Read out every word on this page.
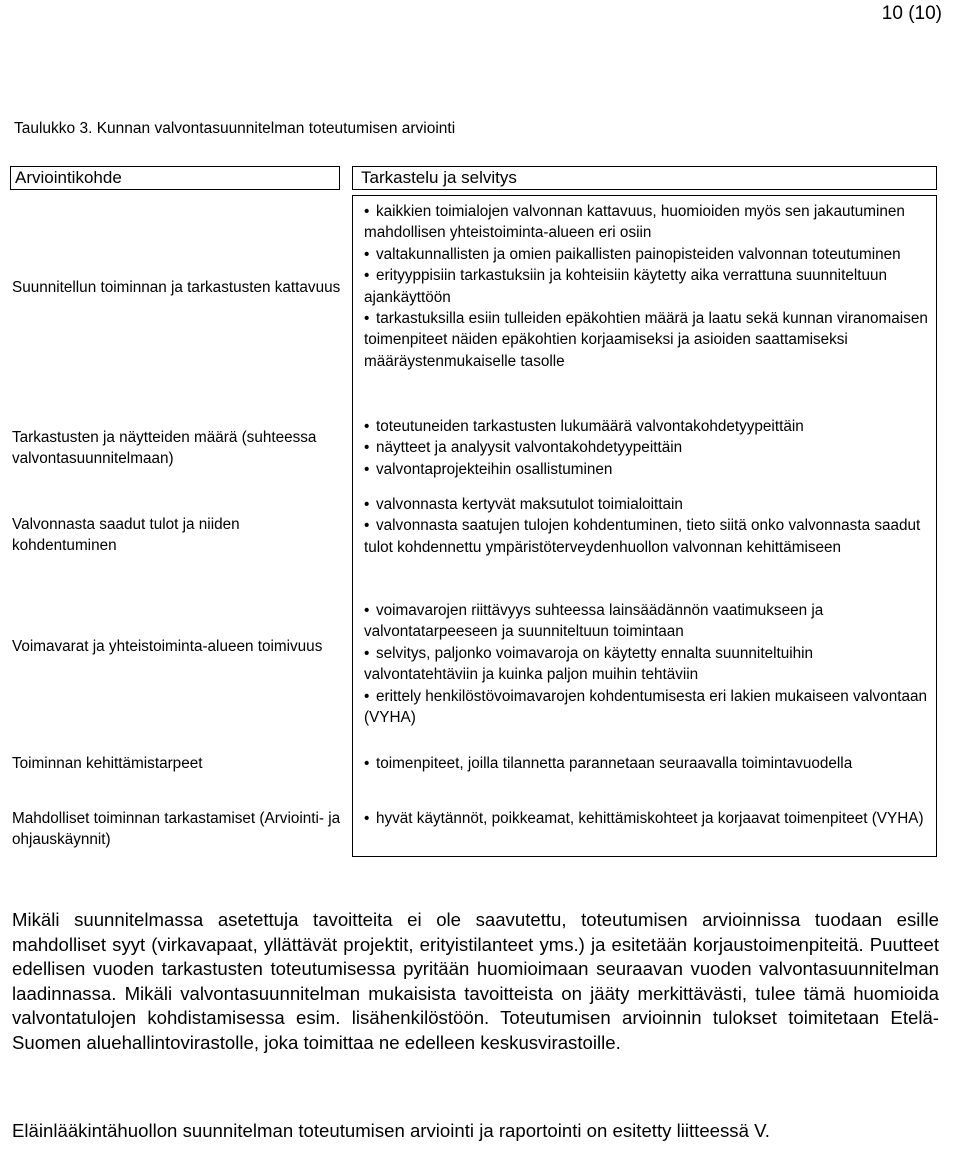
10 (10)
Taulukko 3. Kunnan valvontasuunnitelman toteutumisen arviointi
Arviointikohde	Tarkastelu ja selvitys
Suunnitellun toiminnan ja tarkastusten kattavuus
• kaikkien toimialojen valvonnan kattavuus, huomioiden myös sen jakautuminen mahdollisen yhteistoiminta-alueen eri osiin
• valtakunnallisten ja omien paikallisten painopisteiden valvonnan toteutuminen
• erityyppisiin tarkastuksiin ja kohteisiin käytetty aika verrattuna suunniteltuun ajankäyttöön
• tarkastuksilla esiin tulleiden epäkohtien määrä ja laatu sekä kunnan viranomaisen toimenpiteet näiden epäkohtien korjaamiseksi ja asioiden saattamiseksi määräystenmukaiselle tasolle
Tarkastusten ja näytteiden määrä (suhteessa valvontasuunnitelmaan)
• toteutuneiden tarkastusten lukumäärä valvontakohdetyypeittäin
• näytteet ja analyysit valvontakohdetyypeittäin
• valvontaprojekteihin osallistuminen
Valvonnasta saadut tulot ja niiden kohdentuminen
• valvonnasta kertyvät maksutulot toimialoittain
• valvonnasta saatujen tulojen kohdentuminen, tieto siitä onko valvonnasta saadut tulot kohdennettu ympäristöterveydenhuollon valvonnan kehittämiseen
Voimavarat ja yhteistoiminta-alueen toimivuus
• voimavarojen riittävyys suhteessa lainsäädännön vaatimukseen ja valvontatarpeeseen ja suunniteltuun toimintaan
• selvitys, paljonko voimavaroja on käytetty ennalta suunniteltuihin valvontatehtäviin ja kuinka paljon muihin tehtäviin
• erittely henkilöstövoimavarojen kohdentumisesta eri lakien mukaiseen valvontaan (VYHA)
Toiminnan kehittämistarpeet	• toimenpiteet, joilla tilannetta parannetaan seuraavalla toimintavuodella
Mahdolliset toiminnan tarkastamiset (Arviointi- ja ohjauskäynnit)
• hyvät käytännöt, poikkeamat, kehittämiskohteet ja korjaavat toimenpiteet (VYHA)
Mikäli suunnitelmassa asetettuja tavoitteita ei ole saavutettu, toteutumisen arvioinnissa tuodaan esille mahdolliset syyt (virkavapaat, yllättävät projektit, erityistilanteet yms.) ja esitetään korjaustoimenpiteitä. Puutteet edellisen vuoden tarkastusten toteutumisessa pyritään huomioimaan seuraavan vuoden valvontasuunnitelman laadinnassa. Mikäli valvontasuunnitelman mukaisista tavoitteista on jääty merkittävästi, tulee tämä huomioida valvontatulojen kohdistamisessa esim. lisähenkilöstöön. Toteutumisen arvioinnin tulokset toimitetaan Etelä-Suomen aluehallintovirastolle, joka toimittaa ne edelleen keskusvirastoille.
Eläinlääkintähuollon suunnitelman toteutumisen arviointi ja raportointi on esitetty liitteessä V.
